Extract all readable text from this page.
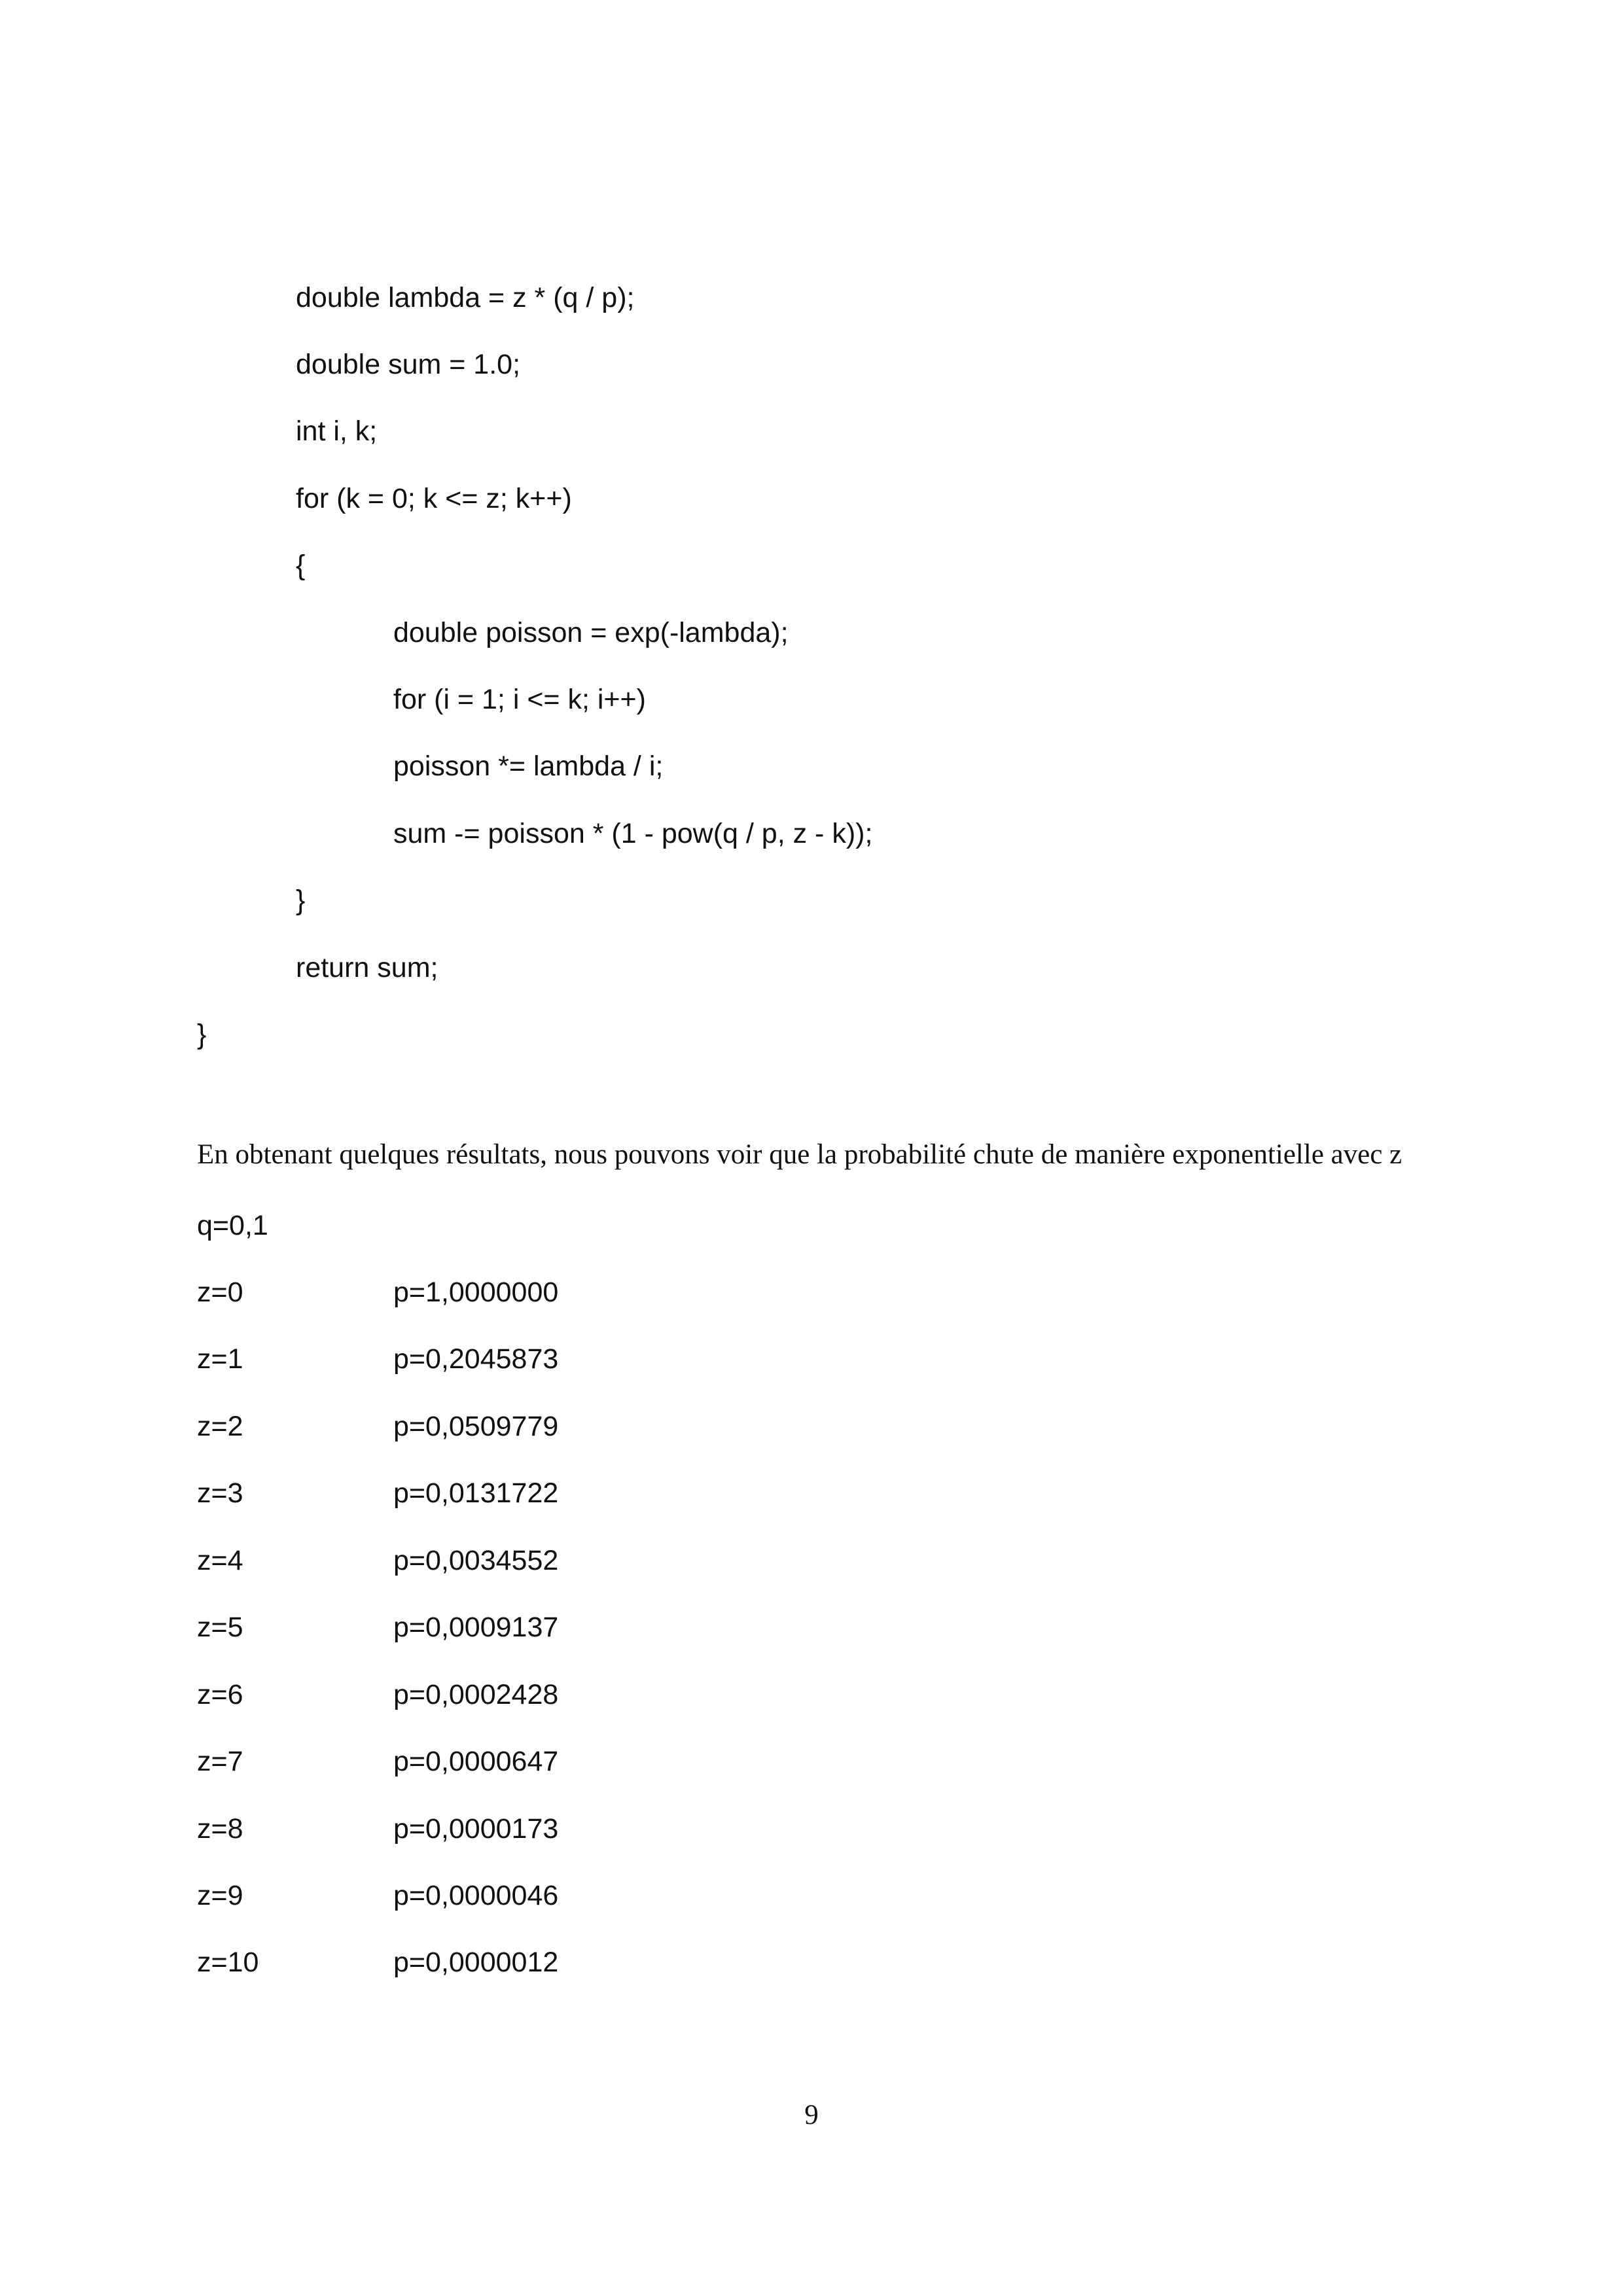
double lambda = z * (q / p);
double sum = 1.0;
int i, k;
for (k = 0; k <= z; k++)
{
double poisson = exp(-lambda);
for (i = 1; i <= k; i++)
poisson *= lambda / i;
sum -= poisson * (1 - pow(q / p, z - k));
}
return sum;
}

En obtenant quelques résultats, nous pouvons voir que la probabilité chute de manière exponentielle avec z

q=0,1
z=0	p=1,0000000
z=1	p=0,2045873
z=2	p=0,0509779
z=3	p=0,0131722
z=4	p=0,0034552
z=5	p=0,0009137
z=6	p=0,0002428
z=7	p=0,0000647
z=8	p=0,0000173
z=9	p=0,0000046
z=10	p=0,0000012
9
